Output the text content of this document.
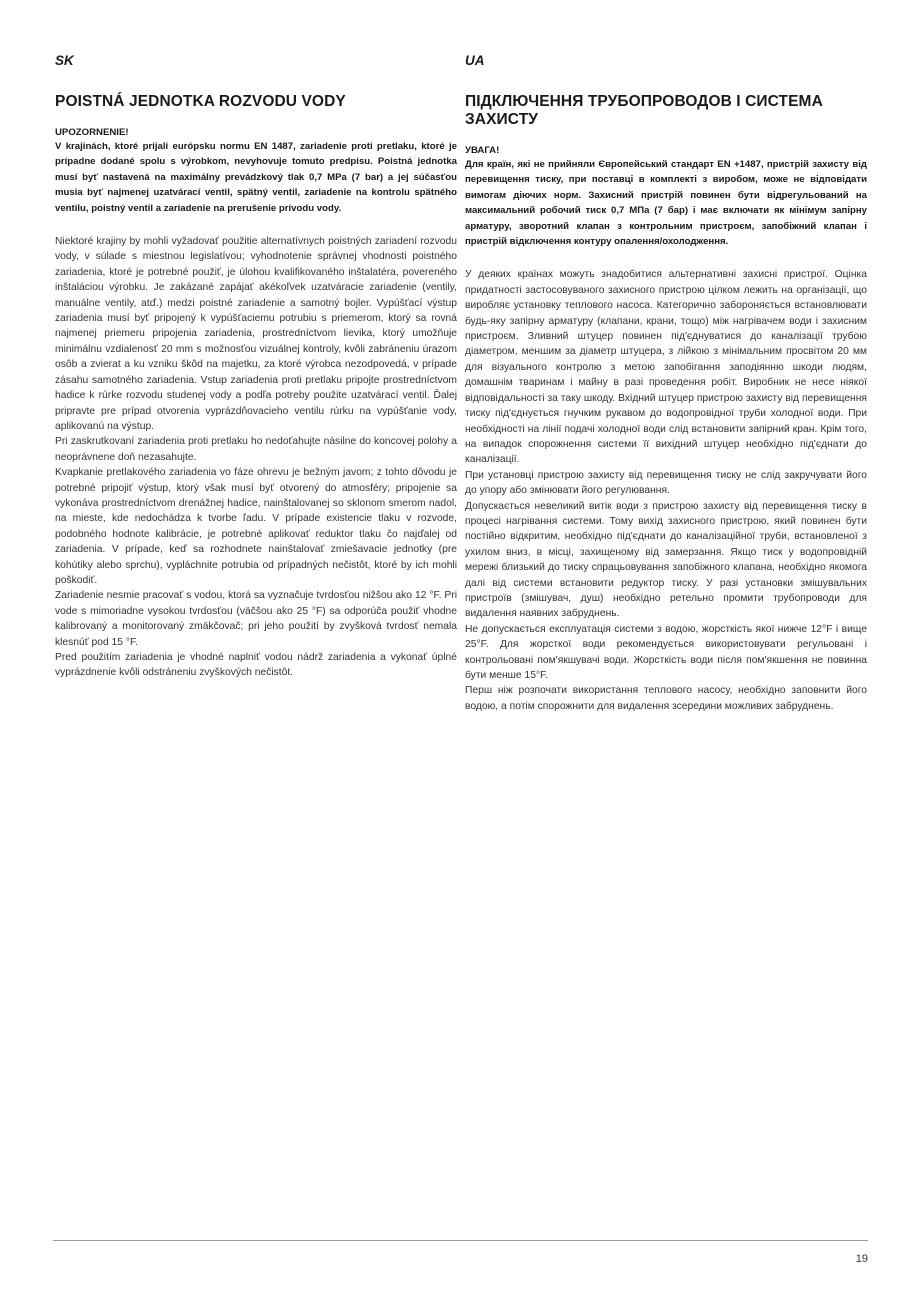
SK
POISTNÁ JEDNOTKA ROZVODU VODY
UPOZORNENIE!
V krajinách, ktoré prijali európsku normu EN 1487, zariadenie proti pretlaku, ktoré je prípadne dodané spolu s výrobkom, nevyhovuje tomuto predpisu. Poistná jednotka musí byť nastavená na maximálny prevádzkový tlak 0,7 MPa (7 bar) a jej súčasťou musia byť najmenej uzatvárací ventil, spätný ventil, zariadenie na kontrolu spätného ventilu, poistný ventil a zariadenie na prerušenie prívodu vody.

Niektoré krajiny by mohli vyžadovať použitie alternatívnych poistných zariadení rozvodu vody, v súlade s miestnou legislatívou; vyhodnotenie správnej vhodnosti poistného zariadenia, ktoré je potrebné použiť, je úlohou kvalifikovaného inštalatéra, povereného inštaláciou výrobku. Je zakázané zapájať akékoľvek uzatváracie zariadenie (ventily, manuálne ventily, atď.) medzi poistné zariadenie a samotný bojler. Vypúšťací výstup zariadenia musí byť pripojený k vypúšťaciemu potrubiu s priemerom, ktorý sa rovná najmenej priemeru pripojenia zariadenia, prostredníctvom lievika, ktorý umožňuje minimálnu vzdialenosť 20 mm s možnosťou vizuálnej kontroly, kvôli zabráneniu úrazom osôb a zvierat a ku vzniku škôd na majetku, za ktoré výrobca nezodpovedá, v prípade zásahu samotného zariadenia. Vstup zariadenia proti pretlaku pripojte prostredníctvom hadice k rúrke rozvodu studenej vody a podľa potreby použite uzatvárací ventil. Ďalej pripravte pre prípad otvorenia vyprázdňovacieho ventilu rúrku na vypúšťanie vody, aplikovanú na výstup.

Pri zaskrutkovaní zariadenia proti pretlaku ho nedoťahujte násilne do koncovej polohy a neoprávnene doň nezasahujte.

Kvapkanie pretlakového zariadenia vo fáze ohrevu je bežným javom; z tohto dôvodu je potrebné pripojiť výstup, ktorý však musí byť otvorený do atmosféry; pripojenie sa vykonáva prostredníctvom drenážnej hadice, nainštalovanej so sklonom smerom nadol, na mieste, kde nedochádza k tvorbe ľadu. V prípade existencie tlaku v rozvode, podobného hodnote kalibrácie, je potrebné aplikovať reduktor tlaku čo najďalej od zariadenia. V prípade, keď sa rozhodnete nainštalovať zmiešavacie jednotky (pre kohútiky alebo sprchu), vypláchnite potrubia od prípadných nečistôt, ktoré by ich mohli poškodiť.

Zariadenie nesmie pracovať s vodou, ktorá sa vyznačuje tvrdosťou nižšou ako 12 °F. Pri vode s mimoriadne vysokou tvrdosťou (väčšou ako 25 °F) sa odporúča použiť vhodne kalibrovaný a monitorovaný zmäkčovač; pri jeho použití by zvyšková tvrdosť nemala klesnúť pod 15 °F.

Pred použitím zariadenia je vhodné naplniť vodou nádrž zariadenia a vykonať úplné vyprázdnenie kvôli odstráneniu zvyškových nečistôt.

UA
ПІДКЛЮЧЕННЯ ТРУБОПРОВОДОВ І СИСТЕМА ЗАХИСТУ
УВАГА!
Для країн, які не прийняли Європейський стандарт EN +1487, пристрій захисту від перевищення тиску, при поставці в комплекті з виробом, може не відповідати вимогам діючих норм. Захисний пристрій повинен бути відрегульований на максимальний робочий тиск 0,7 МПа (7 бар) і має включати як мінімум запірну арматуру, зворотний клапан з контрольним пристроєм, запобіжний клапан і пристрій відключення контуру опалення/охолодження.

У деяких країнах можуть знадобитися альтернативні захисні пристрої. Оцінка придатності застосовуваного захисного пристрою цілком лежить на організації, що виробляє установку теплового насоса. Категорично забороняється встановлювати будь-яку запірну арматуру (клапани, крани, тощо) між нагрівачем води і захисним пристроєм. Зливний штуцер повинен під'єднуватися до каналізації трубою діаметром, меншим за діаметр штуцера, з лійкою з мінімальним просвітом 20 мм для візуального контролю з метою запобігання заподіянню шкоди людям, домашнім тваринам і майну в разі проведення робіт. Виробник не несе ніякої відповідальності за таку шкоду. Вхідний штуцер пристрою захисту від перевищення тиску під'єднується гнучким рукавом до водопровідної труби холодної води. При необхідності на лінії подачі холодної води слід встановити запірний кран. Крім того, на випадок спорожнення системи її вихідний штуцер необхідно під'єднати до каналізації.

При установці пристрою захисту від перевищення тиску не слід закручувати його до упору або змінювати його регулювання.

Допускається невеликий витік води з пристрою захисту від перевищення тиску в процесі нагрівання системи. Тому вихід захисного пристрою, який повинен бути постійно відкритим, необхідно під'єднати до каналізаційної труби, встановленої з ухилом вниз, в місці, захищеному від замерзання. Якщо тиск у водопровідній мережі близький до тиску спрацьовування запобіжного клапана, необхідно якомога далі від системи встановити редуктор тиску. У разі установки змішувальних пристроїв (змішувач, душ) необхідно ретельно промити трубопроводи для видалення наявних забруднень.

Не допускається експлуатація системи з водою, жорсткість якої нижче 12°F і вище 25°F. Для жорсткої води рекомендується використовувати регульовані і контрольовані пом'якшувачі води. Жорсткість води після пом'якшення не повинна бути менше 15°F.

Перш ніж розпочати використання теплового насосу, необхідно заповнити його водою, а потім спорожнити для видалення зсередини можливих забруднень.

19
